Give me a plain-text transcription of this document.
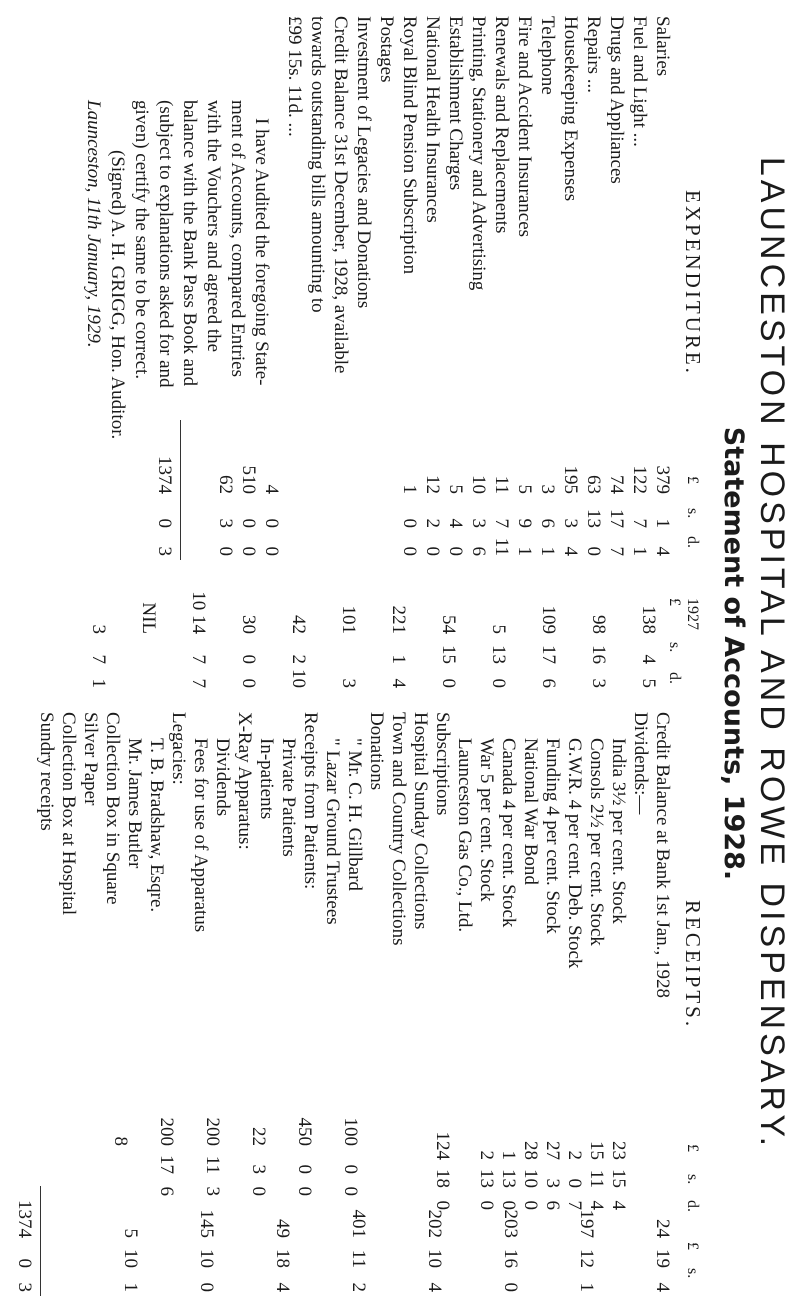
LAUNCESTON HOSPITAL AND ROWE DISPENSARY.
Statement of Accounts, 1928.
EXPENDITURE.
£
s.
d.
Salaries
379
1
4
Fuel and Light ...
122
7
1
Drugs and Appliances
74
17
7
Repairs ...
63
13
0
Housekeeping Expenses
195
3
4
Telephone
3
6
1
Fire and Accident Insurances
5
9
1
Renewals and Replacements
11
7
11
Printing, Stationery and Advertising
10
3
6
Establishment Charges
5
4
0
National Health Insurances
12
2
0
Royal Blind Pension Subscription
1
0
0
Postages
Investment of Legacies and Donations
Credit Balance 31st December, 1928, available
towards outstanding bills amounting to
£99 15s. 11d. ...
4
0
0
510
0
0
62
3
0
1374
0
3
I have Audited the foregoing State-
ment of Accounts, compared Entries
with the Vouchers and agreed the
balance with the Bank Pass Book and
(subject to explanations asked for and
given) certify the same to be correct.
(Signed) A. H. GRIGG, Hon. Auditor.
Launceston, 11th January, 1929.
1927
£
s.
d.
RECEIPTS.
£
s.
d.
£
s.
138
4
5
98
16
3
109
17
6
5
13
0
54
15
0
221
1
4
101
3
42
2
10
30
0
0
10 14
7
7
NIL
3
7
1
Credit Balance at Bank 1st Jan., 1928
Dividends:—
India 3½ per cent. Stock
23
15
4
Consols 2½ per cent. Stock
15
11
4
G.W.R. 4 per cent. Deb. Stock
2
0
7
Funding 4 per cent. Stock
27
3
6
National War Bond
28
10
0
Canada 4 per cent. Stock
1
13
0
War 5 per cent. Stock
2
13
0
Launceston Gas Co., Ltd.
Subscriptions
124
18
0
Hospital Sunday Collections
Town and Country Collections
Donations
" Mr. C. H. Gillbard
" Lazar Ground Trustees
Receipts from Patients:
Private Patients
In-patients
X-Ray Apparatus:
Dividends
Fees for use of Apparatus
Legacies:
T. B. Bradshaw, Esqre.
Mr. James Butler
Collection Box in Square
Silver Paper
Collection Box at Hospital
Sundry receipts
100
0
0
450
0
0
22
3
0
200
11
3
200
17
6
8
24
19
4
197
12
1
203
16
0
202
10
4
401
11
2
49
18
4
145
10
0
5
10
1
1374
0
3
